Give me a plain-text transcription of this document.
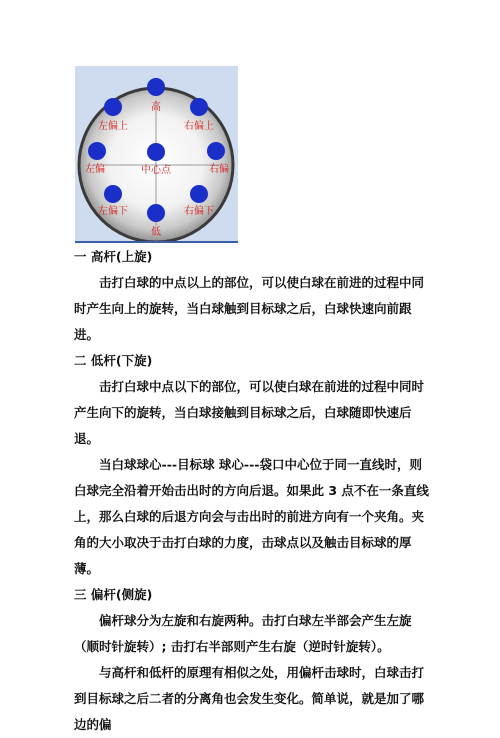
高
左偏上	右偏上
左偏	中心点	右偏
左偏下	右偏下
低
一 高杆(上旋)

击打白球的中点以上的部位，可以使白球在前进的过程中同时产生向上的旋转，当白球触到目标球之后，白球快速向前跟进。

二 低杆(下旋)

击打白球中点以下的部位，可以使白球在前进的过程中同时产生向下的旋转，当白球接触到目标球之后，白球随即快速后退。

当白球球心---目标球 球心---袋口中心位于同一直线时，则白球完全沿着开始击出时的方向后退。如果此 3 点不在一条直线上，那么白球的后退方向会与击出时的前进方向有一个夹角。夹角的大小取决于击打白球的力度，击球点以及触击目标球的厚薄。

三 偏杆(侧旋)

偏杆球分为左旋和右旋两种。击打白球左半部会产生左旋（顺时针旋转）; 击打右半部则产生右旋（逆时针旋转）。

与高杆和低杆的原理有相似之处，用偏杆击球时，白球击打到目标球之后二者的分离角也会发生变化。简单说，就是加了哪边的偏
